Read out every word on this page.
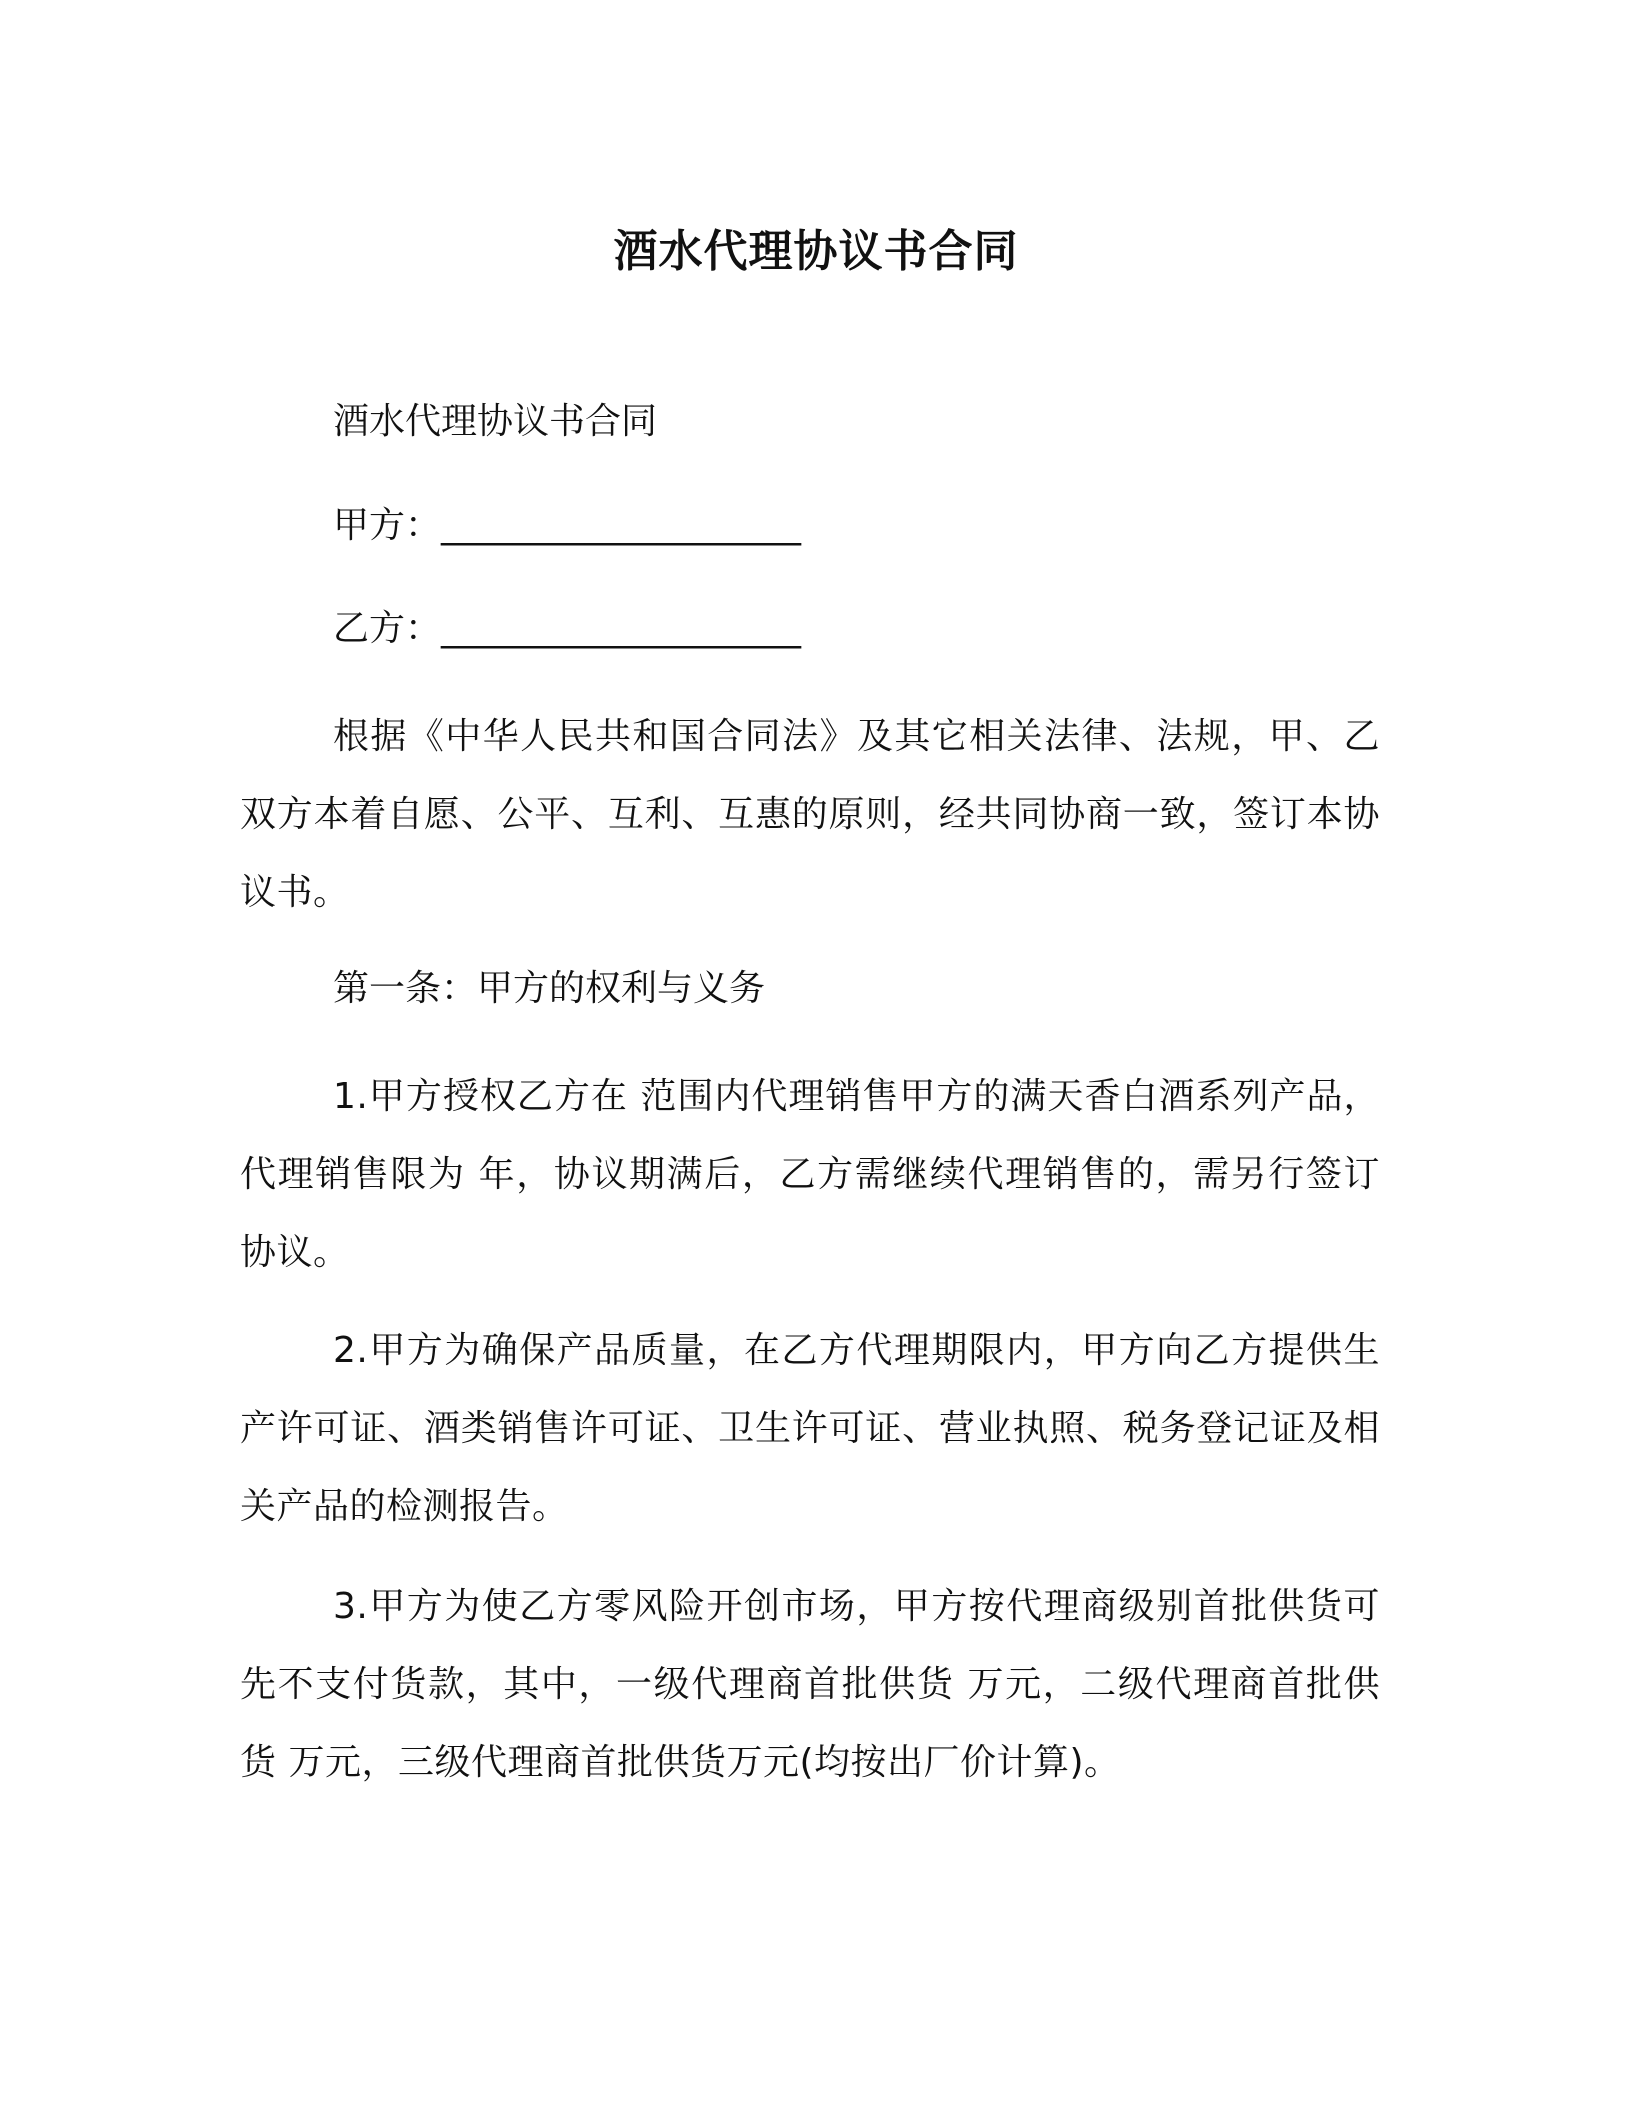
酒水代理协议书合同
酒水代理协议书合同
甲方：____________________
乙方：____________________
根据《中华人民共和国合同法》及其它相关法律、法规，甲、乙双方本着自愿、公平、互利、互惠的原则，经共同协商一致，签订本协议书。
第一条：甲方的权利与义务
1.甲方授权乙方在 范围内代理销售甲方的满天香白酒系列产品，代理销售限为 年，协议期满后，乙方需继续代理销售的，需另行签订协议。
2.甲方为确保产品质量，在乙方代理期限内，甲方向乙方提供生产许可证、酒类销售许可证、卫生许可证、营业执照、税务登记证及相关产品的检测报告。
3.甲方为使乙方零风险开创市场，甲方按代理商级别首批供货可先不支付货款，其中，一级代理商首批供货 万元，二级代理商首批供货 万元，三级代理商首批供货万元(均按出厂价计算)。
